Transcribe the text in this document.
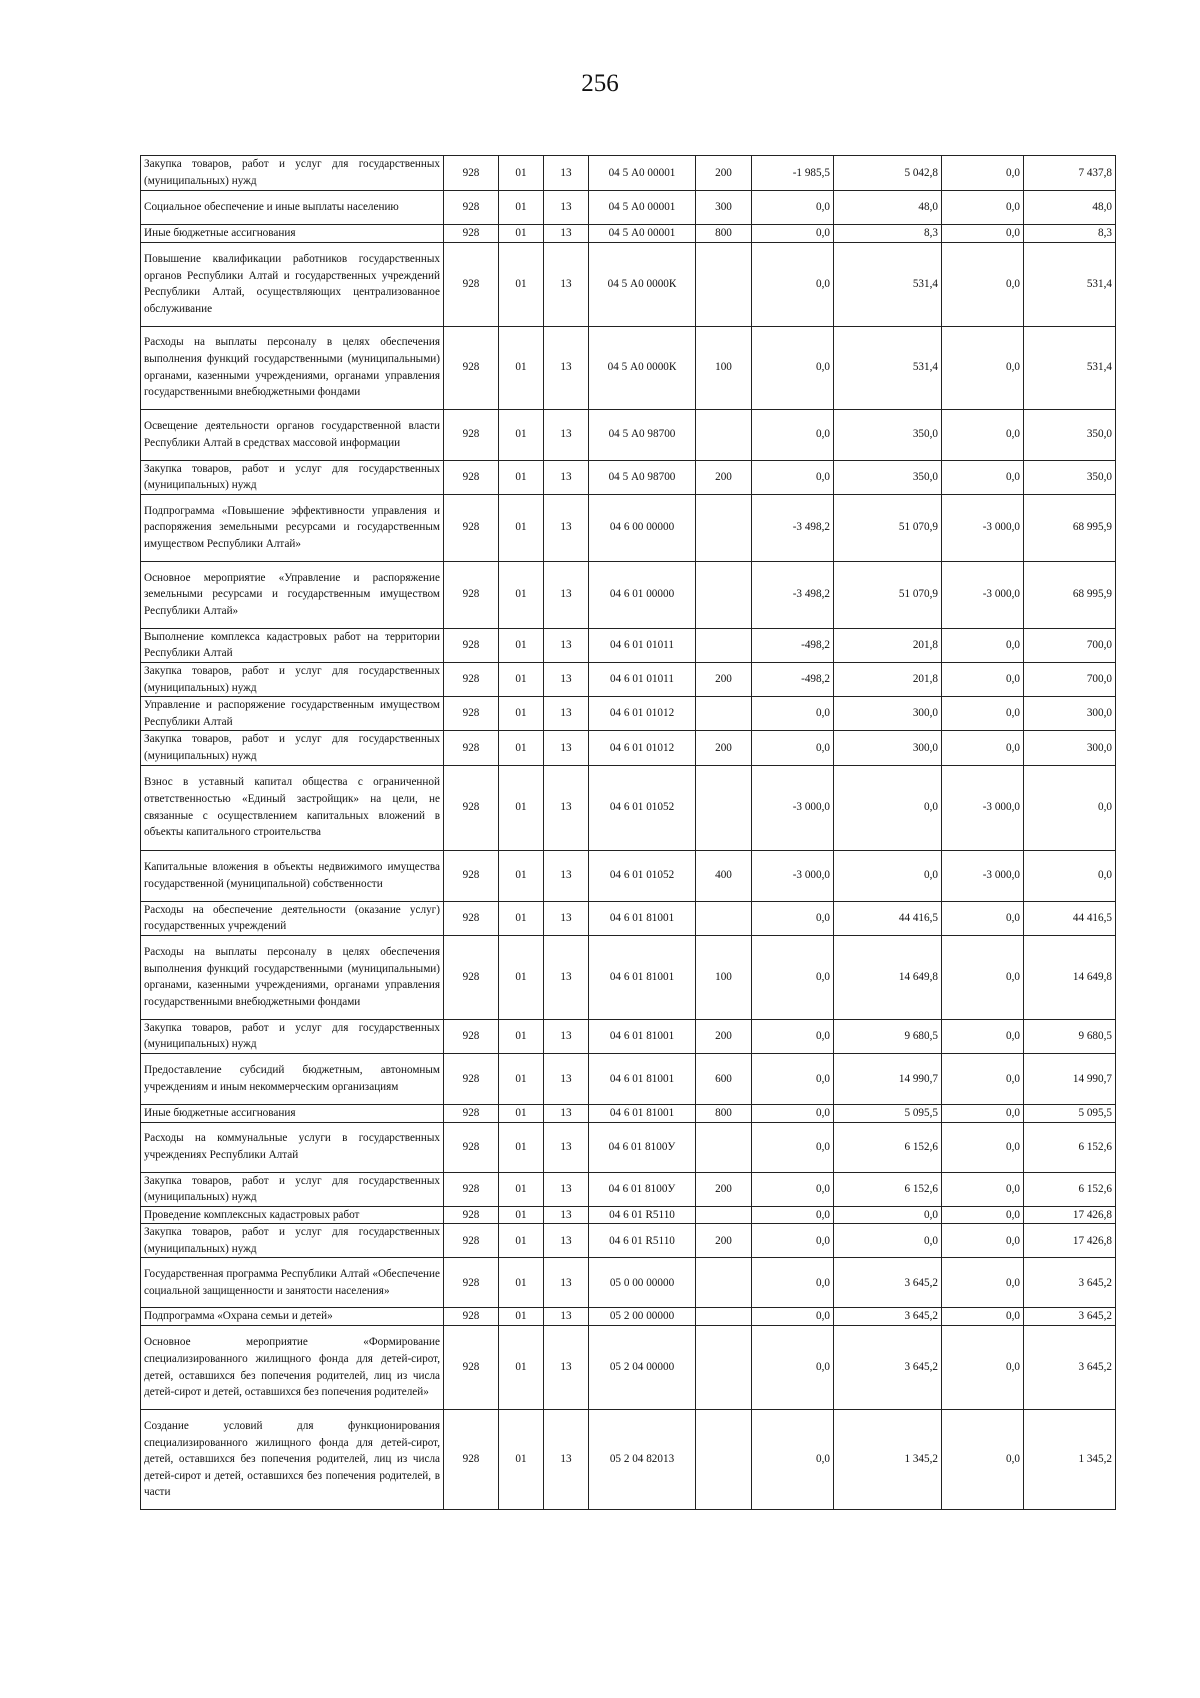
256
Закупка товаров, работ и услуг для государственных (муниципальных) нужд	928	01	13	04 5 А0 00001	200	-1 985,5	5 042,8	0,0	7 437,8
Социальное обеспечение и иные выплаты населению	928	01	13	04 5 А0 00001	300	0,0	48,0	0,0	48,0
Иные бюджетные ассигнования	928	01	13	04 5 А0 00001	800	0,0	8,3	0,0	8,3
Повышение квалификации работников государственных органов Республики Алтай и государственных учреждений Республики Алтай, осуществляющих централизованное обслуживание	928	01	13	04 5 А0 0000К		0,0	531,4	0,0	531,4
Расходы на выплаты персоналу в целях обеспечения выполнения функций государственными (муниципальными) органами, казенными учреждениями, органами управления государственными внебюджетными фондами	928	01	13	04 5 А0 0000К	100	0,0	531,4	0,0	531,4
Освещение деятельности органов государственной власти Республики Алтай в средствах массовой информации	928	01	13	04 5 А0 98700		0,0	350,0	0,0	350,0
Закупка товаров, работ и услуг для государственных (муниципальных) нужд	928	01	13	04 5 А0 98700	200	0,0	350,0	0,0	350,0
Подпрограмма «Повышение эффективности управления и распоряжения земельными ресурсами и государственным имуществом Республики Алтай»	928	01	13	04 6 00 00000		-3 498,2	51 070,9	-3 000,0	68 995,9
Основное мероприятие «Управление и распоряжение земельными ресурсами и государственным имуществом Республики Алтай»	928	01	13	04 6 01 00000		-3 498,2	51 070,9	-3 000,0	68 995,9
Выполнение комплекса кадастровых работ на территории Республики Алтай	928	01	13	04 6 01 01011		-498,2	201,8	0,0	700,0
Закупка товаров, работ и услуг для государственных (муниципальных) нужд	928	01	13	04 6 01 01011	200	-498,2	201,8	0,0	700,0
Управление и распоряжение государственным имуществом Республики Алтай	928	01	13	04 6 01 01012		0,0	300,0	0,0	300,0
Закупка товаров, работ и услуг для государственных (муниципальных) нужд	928	01	13	04 6 01 01012	200	0,0	300,0	0,0	300,0
Взнос в уставный капитал общества с ограниченной ответственностью «Единый застройщик» на цели, не связанные с осуществлением капитальных вложений в объекты капитального строительства	928	01	13	04 6 01 01052		-3 000,0	0,0	-3 000,0	0,0
Капитальные вложения в объекты недвижимого имущества государственной (муниципальной) собственности	928	01	13	04 6 01 01052	400	-3 000,0	0,0	-3 000,0	0,0
Расходы на обеспечение деятельности (оказание услуг) государственных учреждений	928	01	13	04 6 01 81001		0,0	44 416,5	0,0	44 416,5
Расходы на выплаты персоналу в целях обеспечения выполнения функций государственными (муниципальными) органами, казенными учреждениями, органами управления государственными внебюджетными фондами	928	01	13	04 6 01 81001	100	0,0	14 649,8	0,0	14 649,8
Закупка товаров, работ и услуг для государственных (муниципальных) нужд	928	01	13	04 6 01 81001	200	0,0	9 680,5	0,0	9 680,5
Предоставление субсидий бюджетным, автономным учреждениям и иным некоммерческим организациям	928	01	13	04 6 01 81001	600	0,0	14 990,7	0,0	14 990,7
Иные бюджетные ассигнования	928	01	13	04 6 01 81001	800	0,0	5 095,5	0,0	5 095,5
Расходы на коммунальные услуги в государственных учреждениях Республики Алтай	928	01	13	04 6 01 8100У		0,0	6 152,6	0,0	6 152,6
Закупка товаров, работ и услуг для государственных (муниципальных) нужд	928	01	13	04 6 01 8100У	200	0,0	6 152,6	0,0	6 152,6
Проведение комплексных кадастровых работ	928	01	13	04 6 01 R5110		0,0	0,0	0,0	17 426,8
Закупка товаров, работ и услуг для государственных (муниципальных) нужд	928	01	13	04 6 01 R5110	200	0,0	0,0	0,0	17 426,8
Государственная программа Республики Алтай «Обеспечение социальной защищенности и занятости населения»	928	01	13	05 0 00 00000		0,0	3 645,2	0,0	3 645,2
Подпрограмма «Охрана семьи и детей»	928	01	13	05 2 00 00000		0,0	3 645,2	0,0	3 645,2
Основное мероприятие «Формирование специализированного жилищного фонда для детей-сирот, детей, оставшихся без попечения родителей, лиц из числа детей-сирот и детей, оставшихся без попечения родителей»	928	01	13	05 2 04 00000		0,0	3 645,2	0,0	3 645,2
Создание условий для функционирования специализированного жилищного фонда для детей-сирот, детей, оставшихся без попечения родителей, лиц из числа детей-сирот и детей, оставшихся без попечения родителей, в части	928	01	13	05 2 04 82013		0,0	1 345,2	0,0	1 345,2
